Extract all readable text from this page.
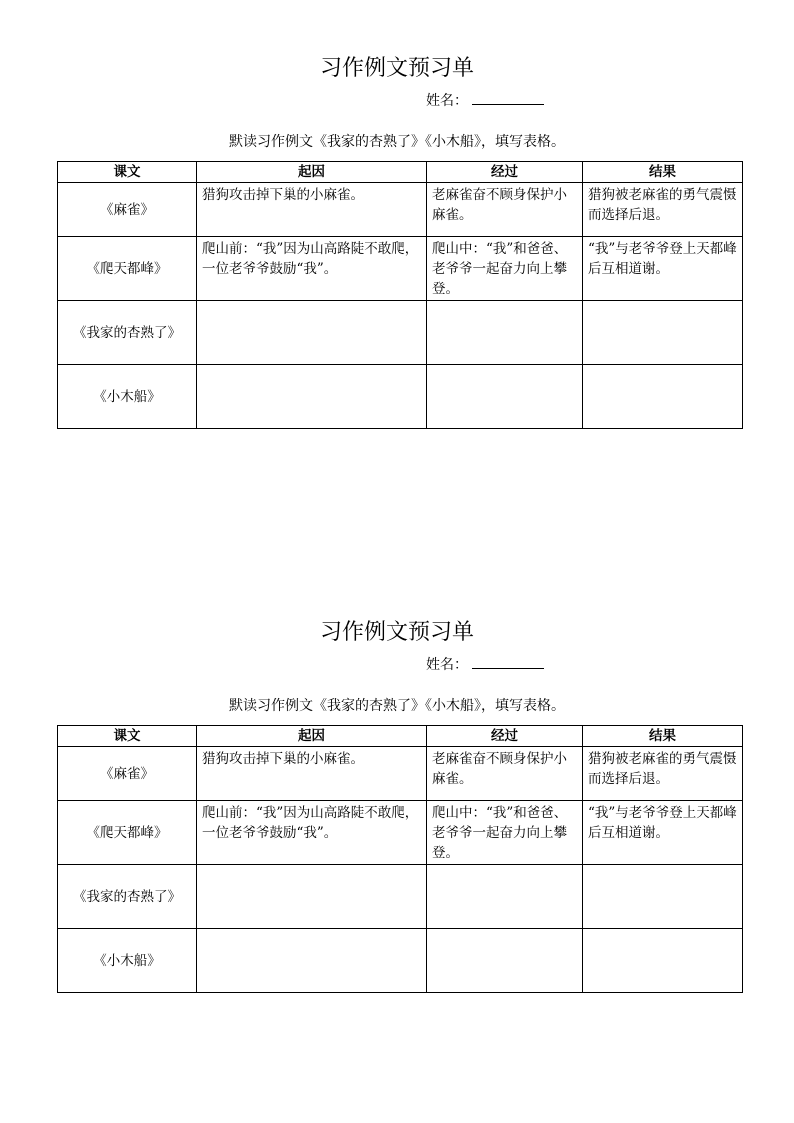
习作例文预习单
姓名：
默读习作例文《我家的杏熟了》《小木船》，填写表格。
课文	起因	经过	结果
《麻雀》	猎狗攻击掉下巢的小麻雀。	老麻雀奋不顾身保护小麻雀。	猎狗被老麻雀的勇气震慑而选择后退。
《爬天都峰》	爬山前：“我”因为山高路陡不敢爬，一位老爷爷鼓励“我”。	爬山中：“我”和爸爸、老爷爷一起奋力向上攀登。	“我”与老爷爷登上天都峰后互相道谢。
《我家的杏熟了》			
《小木船》			
习作例文预习单
姓名：
默读习作例文《我家的杏熟了》《小木船》，填写表格。
课文	起因	经过	结果
《麻雀》	猎狗攻击掉下巢的小麻雀。	老麻雀奋不顾身保护小麻雀。	猎狗被老麻雀的勇气震慑而选择后退。
《爬天都峰》	爬山前：“我”因为山高路陡不敢爬，一位老爷爷鼓励“我”。	爬山中：“我”和爸爸、老爷爷一起奋力向上攀登。	“我”与老爷爷登上天都峰后互相道谢。
《我家的杏熟了》			
《小木船》			
